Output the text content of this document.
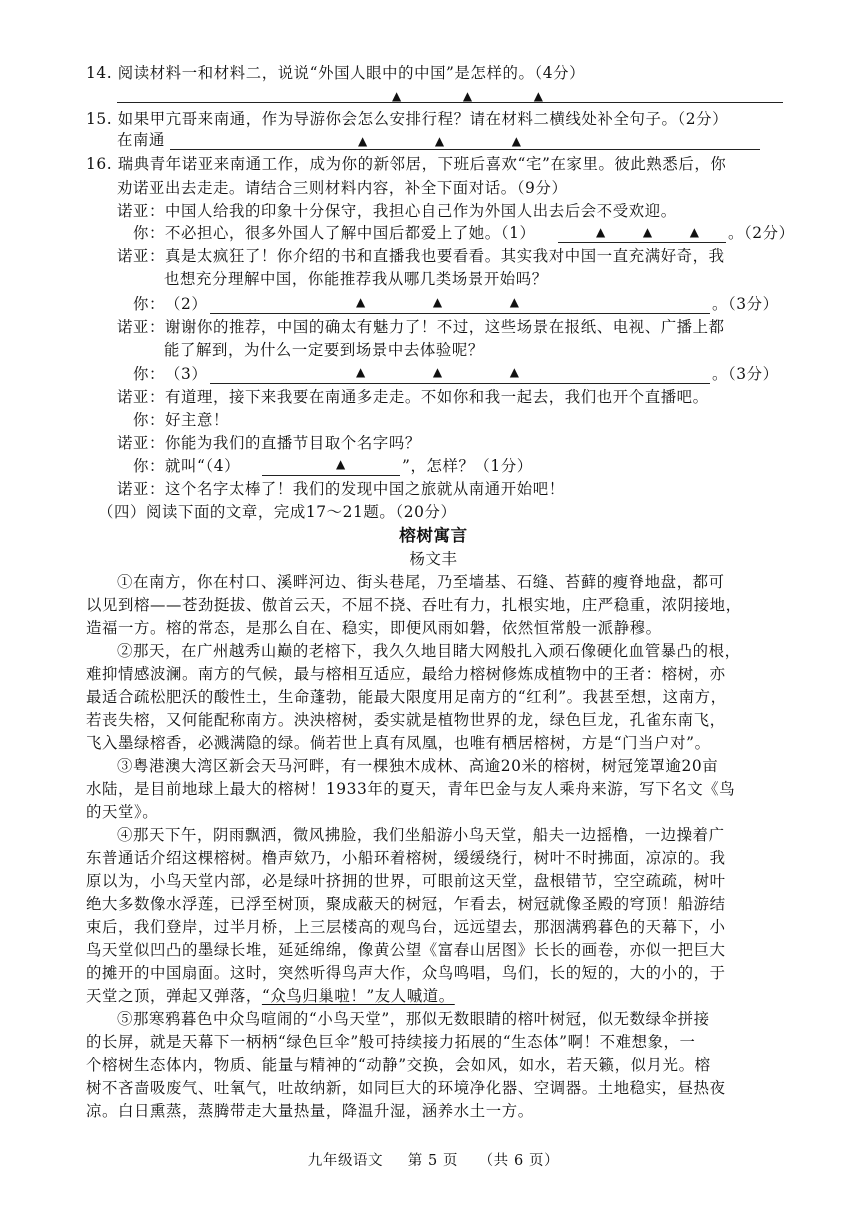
14. 阅读材料一和材料二，说说“外国人眼中的中国”是怎样的。（4分）
▲	▲	▲
15. 如果甲亢哥来南通，作为导游你会怎么安排行程？请在材料二横线处补全句子。（2分）
在南通	▲	▲	▲
16. 瑞典青年诺亚来南通工作，成为你的新邻居，下班后喜欢“宅”在家里。彼此熟悉后，你
劝诺亚出去走走。请结合三则材料内容，补全下面对话。（9分）
诺亚：中国人给我的印象十分保守，我担心自己作为外国人出去后会不受欢迎。
你：不必担心，很多外国人了解中国后都爱上了她。（1）	▲	▲	▲ 。（2分）
诺亚：真是太疯狂了！你介绍的书和直播我也要看看。其实我对中国一直充满好奇，我
也想充分理解中国，你能推荐我从哪几类场景开始吗？
你：（2）	▲	▲	▲	。（3分）
诺亚：谢谢你的推荐，中国的确太有魅力了！不过，这些场景在报纸、电视、广播上都
能了解到，为什么一定要到场景中去体验呢？
你：（3）	▲	▲	▲	。（3分）
诺亚：有道理，接下来我要在南通多走走。不如你和我一起去，我们也开个直播吧。
你：好主意！
诺亚：你能为我们的直播节目取个名字吗？
你：就叫“（4）	▲	”，怎样？（1分）
诺亚：这个名字太棒了！我们的发现中国之旅就从南通开始吧！
（四）阅读下面的文章，完成17～21题。（20分）
榕树寓言
杨文丰
①在南方，你在村口、溪畔河边、街头巷尾，乃至墙基、石缝、苔藓的瘦脊地盘，都可
以见到榕——苍劲挺拔、傲首云天，不屈不挠、吞吐有力，扎根实地，庄严稳重，浓阴接地，
造福一方。榕的常态，是那么自在、稳实，即便风雨如磐，依然恒常般一派静穆。
②那天，在广州越秀山巅的老榕下，我久久地目睹大网般扎入顽石像硬化血管暴凸的根，
难抑情感波澜。南方的气候，最与榕相互适应，最给力榕树修炼成植物中的王者：榕树，亦
最适合疏松肥沃的酸性土，生命蓬勃，能最大限度用足南方的“红利”。我甚至想，这南方，
若丧失榕，又何能配称南方。泱泱榕树，委实就是植物世界的龙，绿色巨龙，孔雀东南飞，
飞入墨绿榕香，必溅满隐的绿。倘若世上真有凤凰，也唯有栖居榕树，方是“门当户对”。
③粤港澳大湾区新会天马河畔，有一棵独木成林、高逾20米的榕树，树冠笼罩逾20亩
水陆，是目前地球上最大的榕树！1933年的夏天，青年巴金与友人乘舟来游，写下名文《鸟
的天堂》。
④那天下午，阴雨飘洒，微风拂脸，我们坐船游小鸟天堂，船夫一边摇橹，一边操着广
东普通话介绍这棵榕树。橹声欸乃，小船环着榕树，缓缓绕行，树叶不时拂面，凉凉的。我
原以为，小鸟天堂内部，必是绿叶挤拥的世界，可眼前这天堂，盘根错节，空空疏疏，树叶
绝大多数像水浮莲，已浮至树顶，聚成蔽天的树冠，乍看去，树冠就像圣殿的穹顶！船游结
束后，我们登岸，过半月桥，上三层楼高的观鸟台，远远望去，那洇满鸦暮色的天幕下，小
鸟天堂似凹凸的墨绿长堆，延延绵绵，像黄公望《富春山居图》长长的画卷，亦似一把巨大
的摊开的中国扇面。这时，突然听得鸟声大作，众鸟鸣唱，鸟们，长的短的，大的小的，于
天堂之顶，弹起又弹落，“众鸟归巢啦！”友人嘁道。
⑤那寒鸦暮色中众鸟喧闹的“小鸟天堂”，那似无数眼睛的榕叶树冠，似无数绿伞拼接
的长屏，就是天幕下一柄柄“绿色巨伞”般可持续接力拓展的“生态体”啊！不难想象，一
个榕树生态体内，物质、能量与精神的“动静”交换，会如风，如水，若天籁，似月光。榕
树不吝啬吸废气、吐氧气，吐故纳新，如同巨大的环境净化器、空调器。土地稳实，昼热夜
凉。白日熏蒸，蒸腾带走大量热量，降温升湿，涵养水土一方。
九年级语文 第 5 页 （共 6 页）
